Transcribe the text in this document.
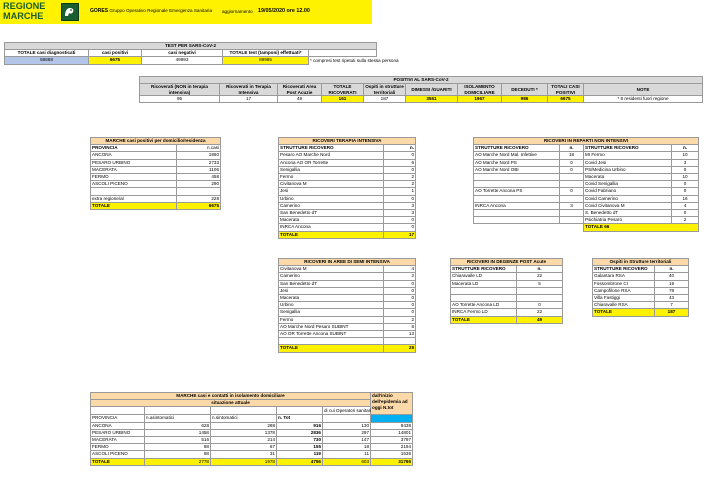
REGIONE
MARCHE	GORES Gruppo Operativo Regionale Emergenza Sanitaria aggiornamento 19/05/2020 ore 12.00
TEST PER SARS-CoV-2				
TOTALE casi diagnosticati	casi positivi	casi negativi	TOTALE test (tamponi) effettuati*	
56668	6675	49993	89985	* compresi test ripetuti sulla stessa persona
POSITIVI AL SARS-CoV-2									
Ricoverati (NON in terapia intensiva)	Ricoverati in Terapia Intensiva	Ricoverati Area Post Acuzie	TOTALE RICOVERATI	Ospiti in strutture territoriali	DIMESSI /GUARITI	ISOLAMENTO DOMICILIARE	DECEDUTI *	TOTALI CASI POSITIVI	NOTE
95	17	49	161	187	3561	1967	986	6675	* 8 residenti fuori regione
MARCHE casi positivi per domicilio/residenza	
PROVINCIA	n.casi
ANCONA	1860
PESARO URBINO	2733
MACERATA	1106
FERMO	458
ASCOLI PICENO	290

extra regione/al	228
TOTALE	6675
RICOVERI TERAPIA INTENSIVA	
STRUTTURE RICOVERO	n.
Pesaro AO Marche Nord	0
Ancona AO OR Torrette	6
Senigallia	0
Fermo	2
Civitanova M	2
Jesi	1
Urbino	0
Camerino	3
San Benedetto dT	3
Macerata	0
INRCA Ancona	0
TOTALE	17
RICOVERI IN REPARTI NON INTENSIVI			
STRUTTURE RICOVERO	n.	STRUTTURE RICOVERO	n.
AO Marche Nord Mal. Infettive	18	MI Fermo	10
AO Marche Nord PS	0	Covid Jesi	3
AO Marche Nord OBI	0	PS/Medicina Urbino	0
		Macerata	10
		Covid Senigallia	0
AO Torrette Ancona PS	0	Covid Fabriano	0
		Covid Camerino	16
INRCA Ancona	3	Covid Civitanova M	4
		S. Benedetto dT	0
		Psichiatria Pesaro	2
		TOTALE 66	
RICOVERI IN AREE DI SEMI INTENSIVA	
Civitanova M	4
Camerino	2
San Benedetto dT	0
Jesi	0
Macerata	0
Urbino	0
Senigallia	0
Fermo	2
AO Marche Nord Pesaro SUBINT	8
AO OR Torrette Ancona SUBINT	13

TOTALE	29
RICOVERI IN DEGENZE POST Acute	
STRUTTURE RICOVERO	n.
Chiaravalle LD	22
Macerata LD	5

AO Torrette Ancona LD	0
INRCA Fermo LD	22
TOTALE	49
Ospiti in Strutture territoriali	
STRUTTURE RICOVERO	n.
Galantara RSA	40
Fossombrone CI	19
Campofilone RSA	78
Villa Fastiggi	43
Chiaravalle RSA	7
TOTALE	187
MARCHE casi e contatti in isolamento domiciliare					dall'inizio dell'epidemia ad oggi N.tot
situazione attuale					
				di cui Operatori sanitari	
PROVINCIA	n.asintomatici	n.sintomatici	n. Tot		
ANCONA	628	288	916	130	9438
PESARO URBINO	1458	1378	2836	297	14801
MACERATA	516	214	730	147	3797
FERMO	88	67	155	18	2194
ASCOLI PICENO	88	31	119	11	1535
TOTALE	2778	1978	4756	603	31765
